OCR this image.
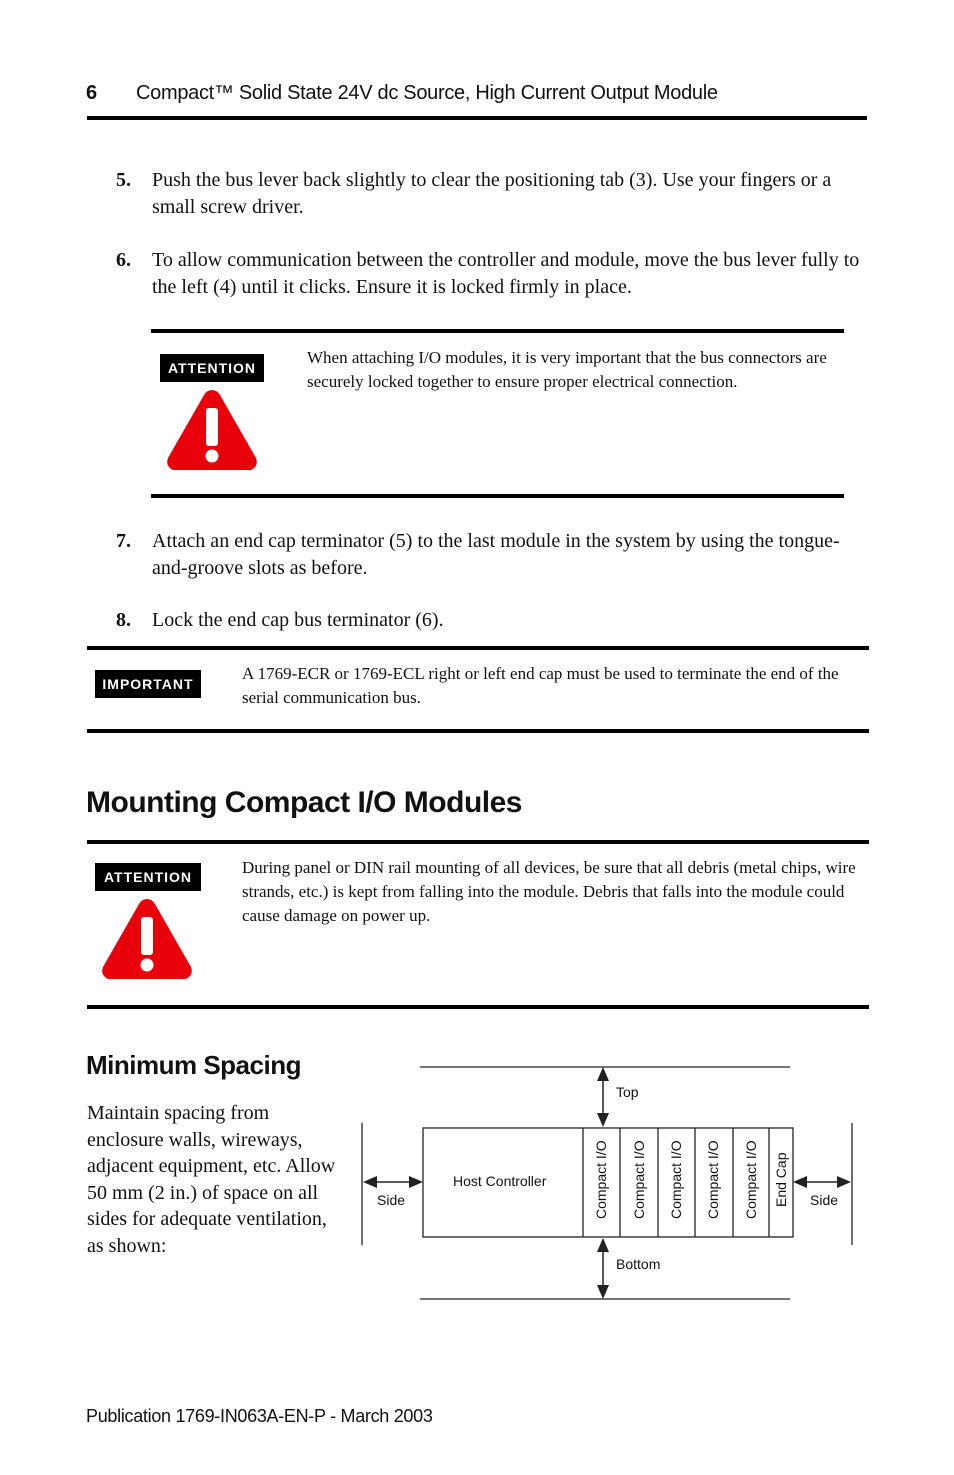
6 Compact™ Solid State 24V dc Source, High Current Output Module
5. Push the bus lever back slightly to clear the positioning tab (3). Use your fingers or a small screw driver.
6. To allow communication between the controller and module, move the bus lever fully to the left (4) until it clicks. Ensure it is locked firmly in place.
ATTENTION
When attaching I/O modules, it is very important that the bus connectors are securely locked together to ensure proper electrical connection.
7. Attach an end cap terminator (5) to the last module in the system by using the tongue-and-groove slots as before.
8. Lock the end cap bus terminator (6).
IMPORTANT
A 1769-ECR or 1769-ECL right or left end cap must be used to terminate the end of the serial communication bus.
Mounting Compact I/O Modules
ATTENTION	During panel or DIN rail mounting of all devices, be sure that all debris (metal chips, wire strands, etc.) is kept from falling into the module. Debris that falls into the module could cause damage on power up.
Minimum Spacing
Maintain spacing from enclosure walls, wireways, adjacent equipment, etc. Allow 50 mm (2 in.) of space on all sides for adequate ventilation, as shown:
Host Controller	Compact I/O Compact I/O Compact I/O Compact I/O Compact I/O End Cap
Top
Bottom
Side	Side
Publication 1769-IN063A-EN-P - March 2003
